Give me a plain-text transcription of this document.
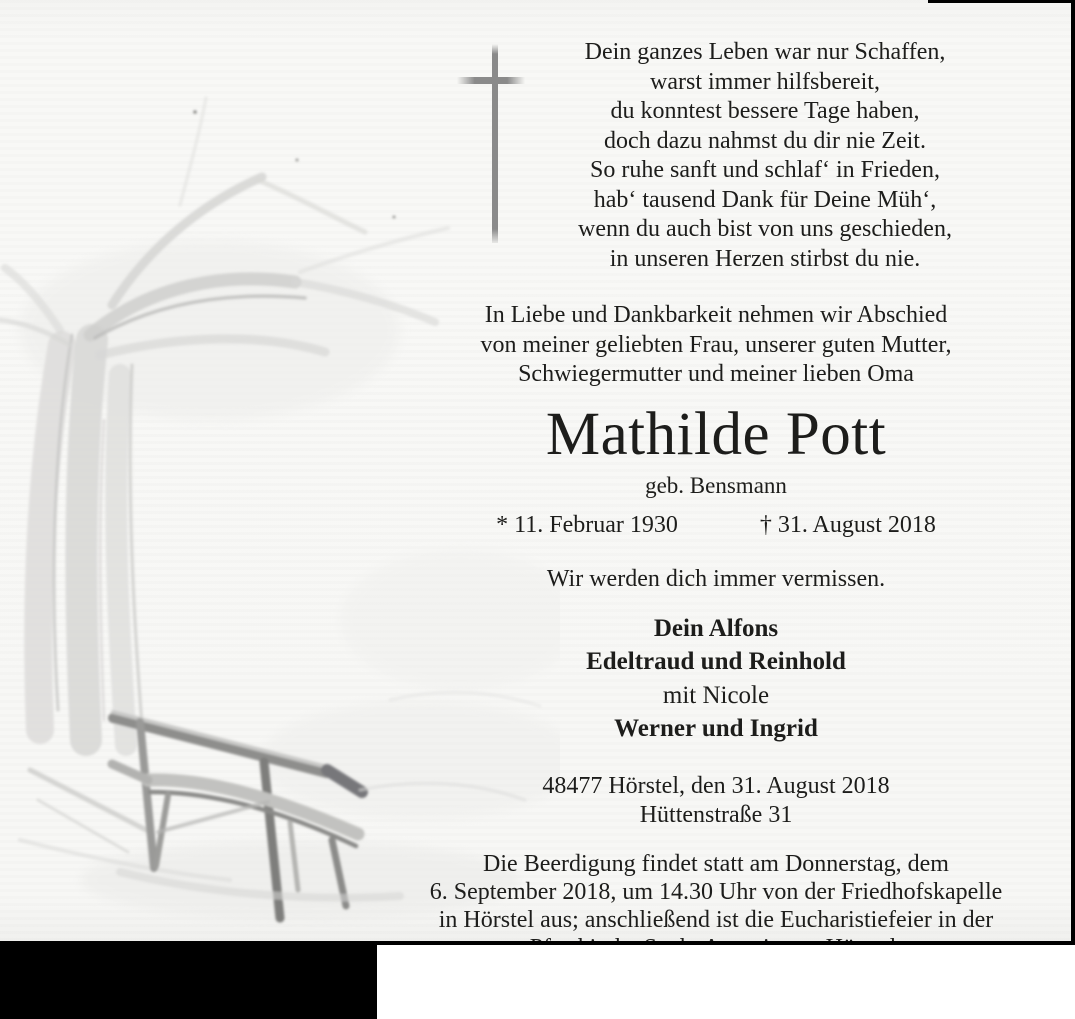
Dein ganzes Leben war nur Schaffen,
warst immer hilfsbereit,
du konntest bessere Tage haben,
doch dazu nahmst du dir nie Zeit.
So ruhe sanft und schlaf‘ in Frieden,
hab‘ tausend Dank für Deine Müh‘,
wenn du auch bist von uns geschieden,
in unseren Herzen stirbst du nie.
In Liebe und Dankbarkeit nehmen wir Abschied
von meiner geliebten Frau, unserer guten Mutter,
Schwiegermutter und meiner lieben Oma
Mathilde Pott
geb. Bensmann
* 11. Februar 1930	† 31. August 2018
Wir werden dich immer vermissen.
Dein Alfons
Edeltraud und Reinhold
mit Nicole
Werner und Ingrid
48477 Hörstel, den 31. August 2018
Hüttenstraße 31
Die Beerdigung findet statt am Donnerstag, dem
6. September 2018, um 14.30 Uhr von der Friedhofskapelle
in Hörstel aus; anschließend ist die Eucharistiefeier in der
